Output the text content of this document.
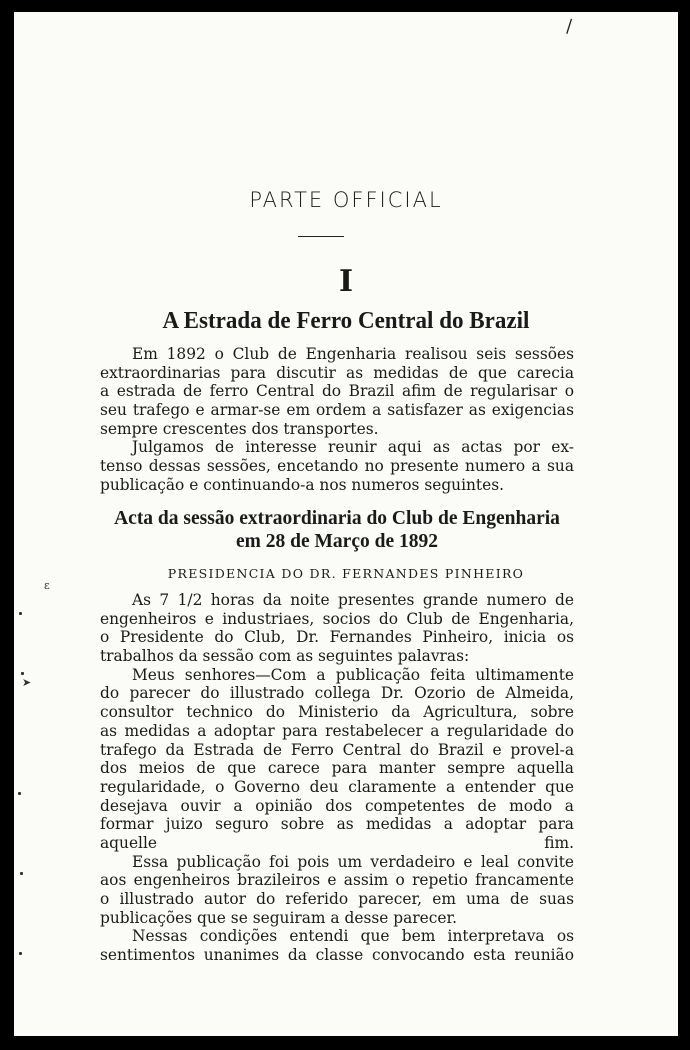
\
ε
➤
PARTE OFFICIAL
I
A Estrada de Ferro Central do Brazil
Em 1892 o Club de Engenharia realisou seis sessões
extraordinarias para discutir as medidas de que carecia
a estrada de ferro Central do Brazil afim de regularisar o
seu trafego e armar-se em ordem a satisfazer as exigencias
sempre crescentes dos transportes.
Julgamos de interesse reunir aqui as actas por ex-
tenso dessas sessões, encetando no presente numero a sua
publicação e continuando-a nos numeros seguintes.
Acta da sessão extraordinaria do Club de Engenharia
em 28 de Março de 1892
PRESIDENCIA DO DR. FERNANDES PINHEIRO
As 7 1/2 horas da noite presentes grande numero de
engenheiros e industriaes, socios do Club de Engenharia,
o Presidente do Club, Dr. Fernandes Pinheiro, inicia os
trabalhos da sessão com as seguintes palavras:
Meus senhores—Com a publicação feita ultimamente
do parecer do illustrado collega Dr. Ozorio de Almeida,
consultor technico do Ministerio da Agricultura, sobre
as medidas a adoptar para restabelecer a regularidade do
trafego da Estrada de Ferro Central do Brazil e provel-a
dos meios de que carece para manter sempre aquella
regularidade, o Governo deu claramente a entender que
desejava ouvir a opinião dos competentes de modo a
formar juizo seguro sobre as medidas a adoptar para
aquelle fim.
Essa publicação foi pois um verdadeiro e leal convite
aos engenheiros brazileiros e assim o repetio francamente
o illustrado autor do referido parecer, em uma de suas
publicações que se seguiram a desse parecer.
Nessas condições entendi que bem interpretava os
sentimentos unanimes da classe convocando esta reunião
